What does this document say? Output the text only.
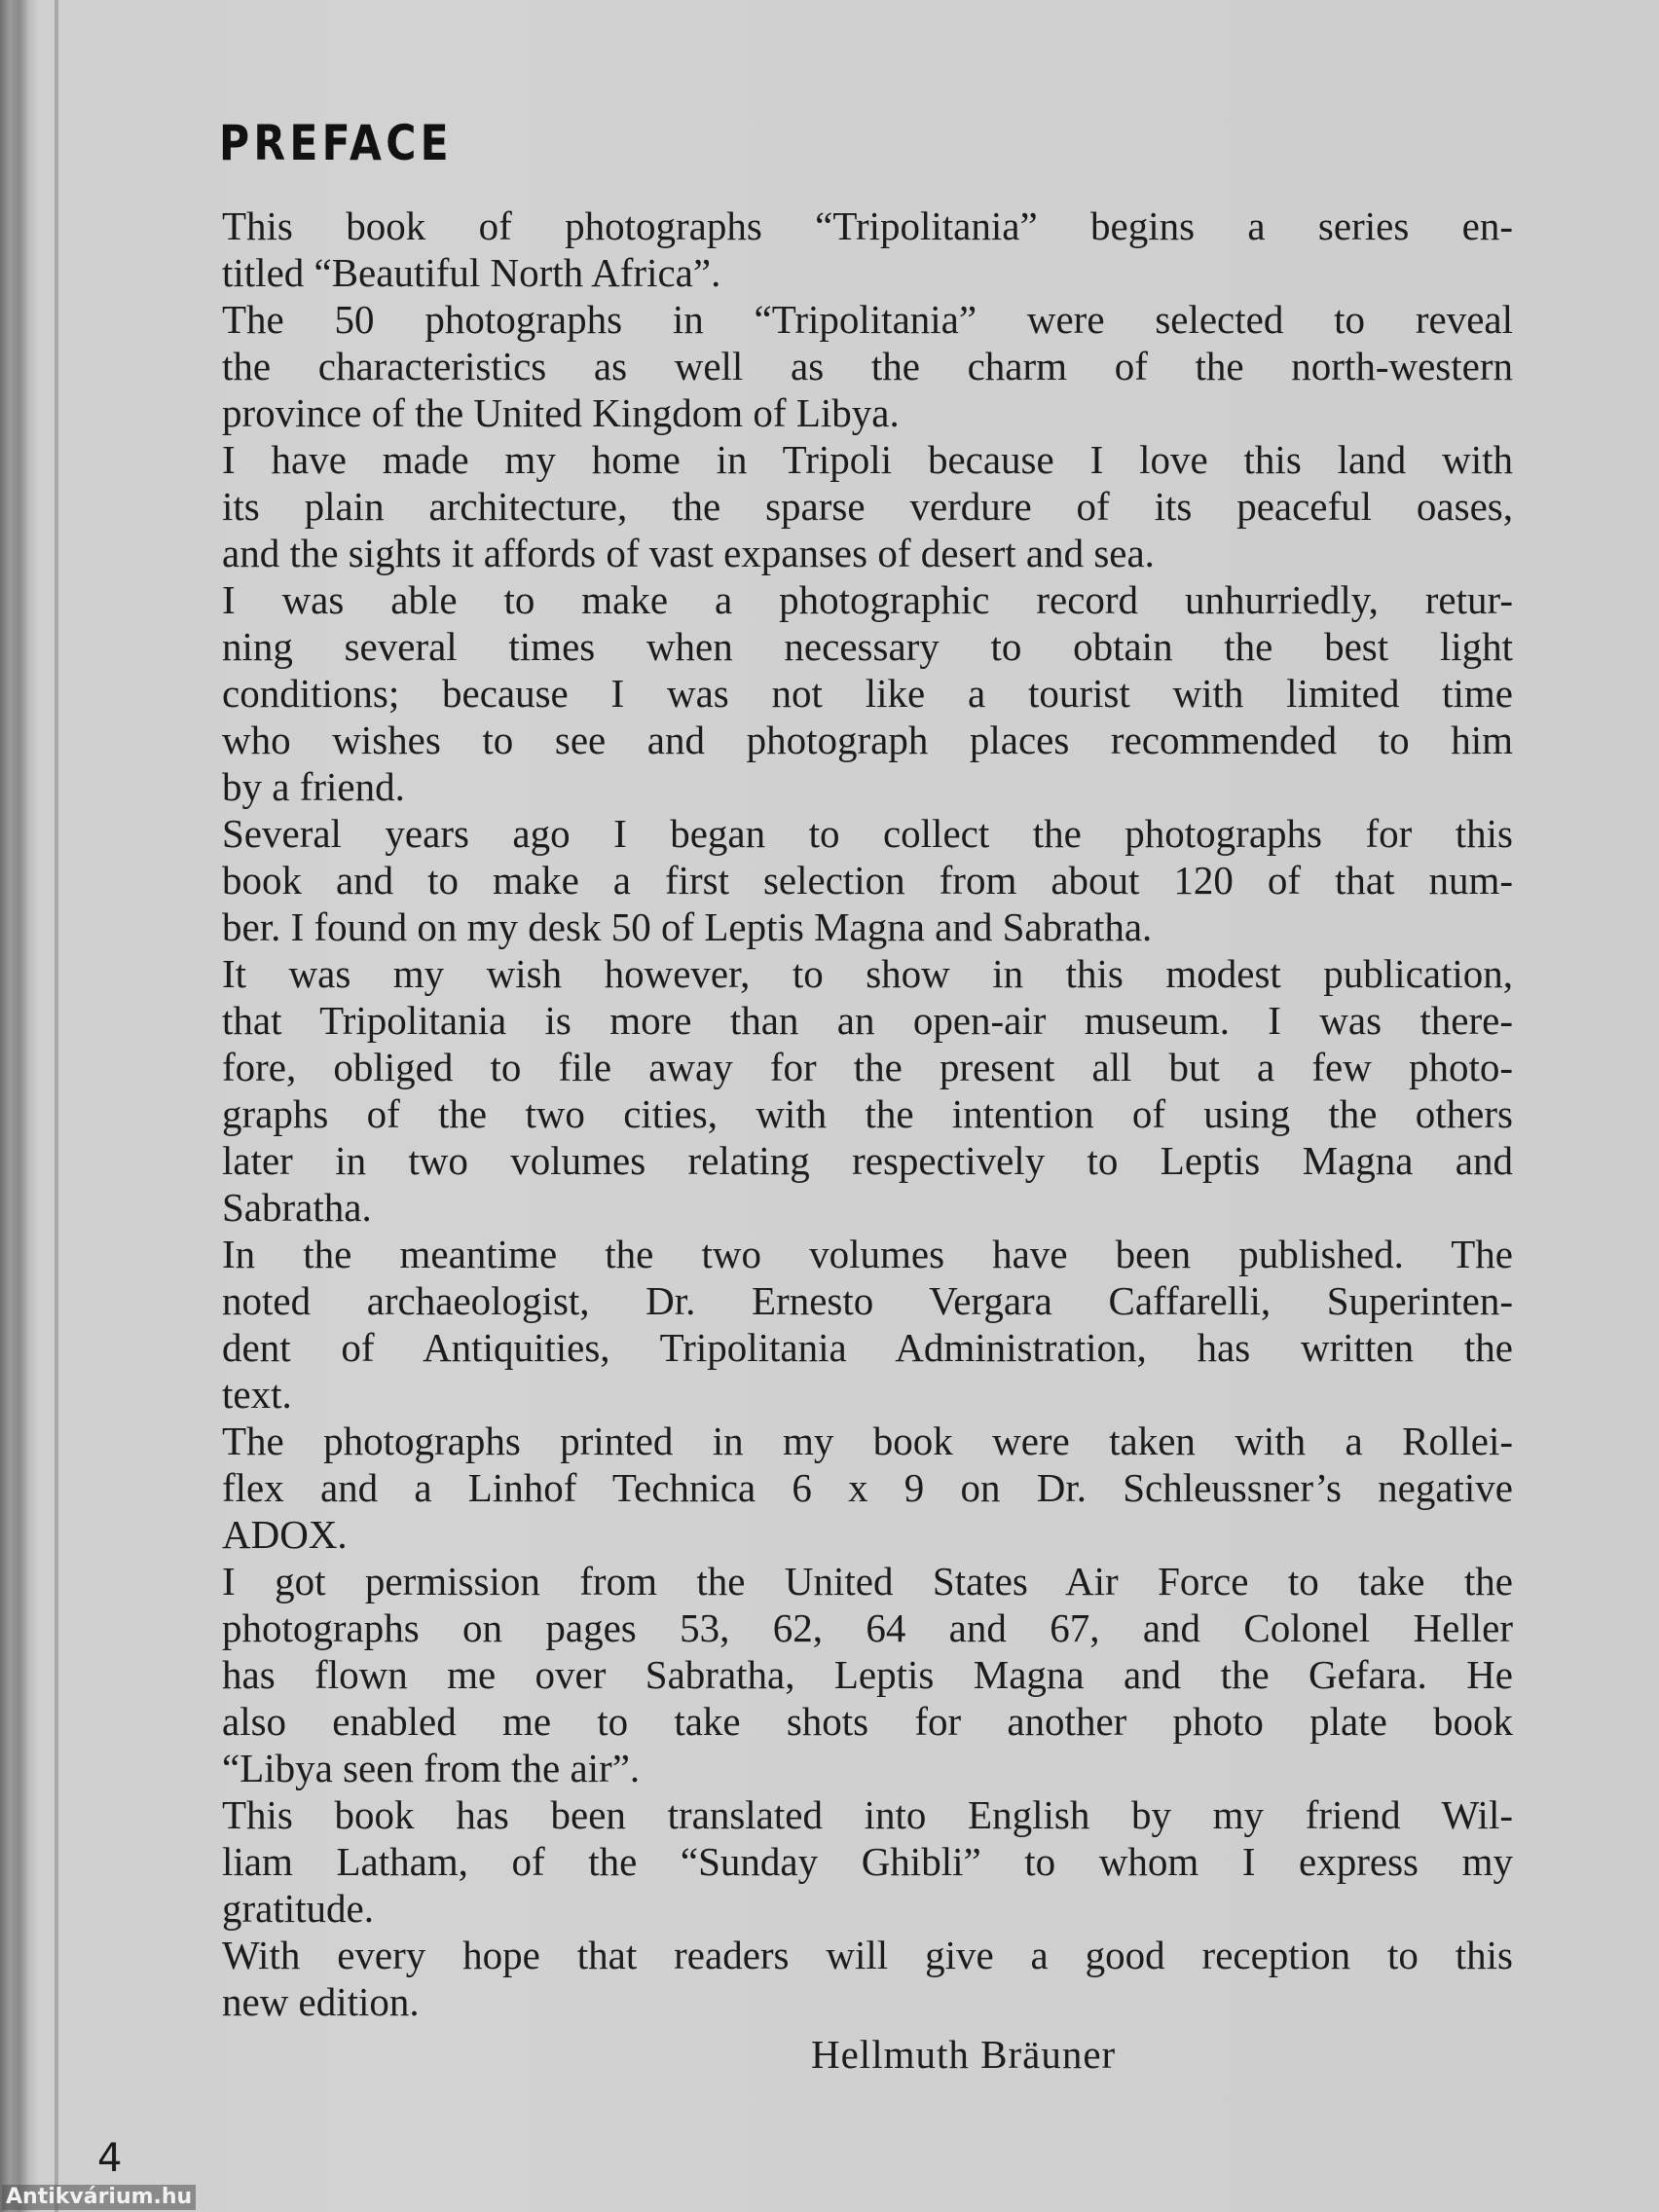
PREFACE
This book of photographs “Tripolitania” begins a series en-
titled “Beautiful North Africa”.
The 50 photographs in “Tripolitania” were selected to reveal
the characteristics as well as the charm of the north-western
province of the United Kingdom of Libya.
I have made my home in Tripoli because I love this land with
its plain architecture, the sparse verdure of its peaceful oases,
and the sights it affords of vast expanses of desert and sea.
I was able to make a photographic record unhurriedly, retur-
ning several times when necessary to obtain the best light
conditions; because I was not like a tourist with limited time
who wishes to see and photograph places recommended to him
by a friend.
Several years ago I began to collect the photographs for this
book and to make a first selection from about 120 of that num-
ber. I found on my desk 50 of Leptis Magna and Sabratha.
It was my wish however, to show in this modest publication,
that Tripolitania is more than an open-air museum. I was there-
fore, obliged to file away for the present all but a few photo-
graphs of the two cities, with the intention of using the others
later in two volumes relating respectively to Leptis Magna and
Sabratha.
In the meantime the two volumes have been published. The
noted archaeologist, Dr. Ernesto Vergara Caffarelli, Superinten-
dent of Antiquities, Tripolitania Administration, has written the
text.
The photographs printed in my book were taken with a Rollei-
flex and a Linhof Technica 6 x 9 on Dr. Schleussner’s negative
ADOX.
I got permission from the United States Air Force to take the
photographs on pages 53, 62, 64 and 67, and Colonel Heller
has flown me over Sabratha, Leptis Magna and the Gefara. He
also enabled me to take shots for another photo plate book
“Libya seen from the air”.
This book has been translated into English by my friend Wil-
liam Latham, of the “Sunday Ghibli” to whom I express my
gratitude.
With every hope that readers will give a good reception to this
new edition.
Hellmuth Bräuner
4
Antikvárium.hu
